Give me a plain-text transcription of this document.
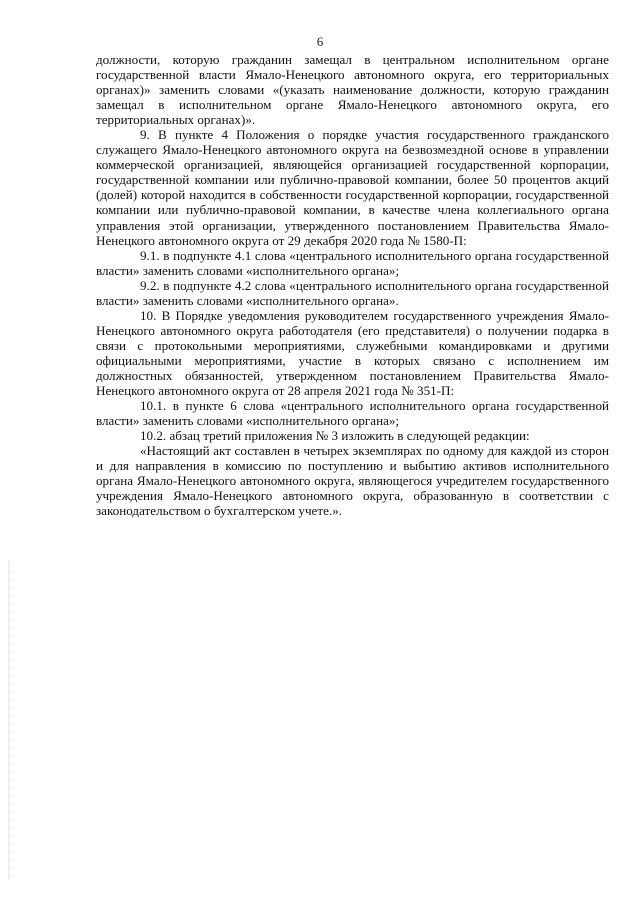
6

должности, которую гражданин замещал в центральном исполнительном органе государственной власти Ямало-Ненецкого автономного округа, его территориальных органах)» заменить словами «(указать наименование должности, которую гражданин замещал в исполнительном органе Ямало-Ненецкого автономного округа, его территориальных органах)».

9. В пункте 4 Положения о порядке участия государственного гражданского служащего Ямало-Ненецкого автономного округа на безвозмездной основе в управлении коммерческой организацией, являющейся организацией государственной корпорации, государственной компании или публично-правовой компании, более 50 процентов акций (долей) которой находится в собственности государственной корпорации, государственной компании или публично-правовой компании, в качестве члена коллегиального органа управления этой организации, утвержденного постановлением Правительства Ямало-Ненецкого автономного округа от 29 декабря 2020 года № 1580-П:

9.1. в подпункте 4.1 слова «центрального исполнительного органа государственной власти» заменить словами «исполнительного органа»;

9.2. в подпункте 4.2 слова «центрального исполнительного органа государственной власти» заменить словами «исполнительного органа».

10. В Порядке уведомления руководителем государственного учреждения Ямало-Ненецкого автономного округа работодателя (его представителя) о получении подарка в связи с протокольными мероприятиями, служебными командировками и другими официальными мероприятиями, участие в которых связано с исполнением им должностных обязанностей, утвержденном постановлением Правительства Ямало-Ненецкого автономного округа от 28 апреля 2021 года № 351-П:

10.1. в пункте 6 слова «центрального исполнительного органа государственной власти» заменить словами «исполнительного органа»;

10.2. абзац третий приложения № 3 изложить в следующей редакции:

«Настоящий акт составлен в четырех экземплярах по одному для каждой из сторон и для направления в комиссию по поступлению и выбытию активов исполнительного органа Ямало-Ненецкого автономного округа, являющегося учредителем государственного учреждения Ямало-Ненецкого автономного округа, образованную в соответствии с законодательством о бухгалтерском учете.».
